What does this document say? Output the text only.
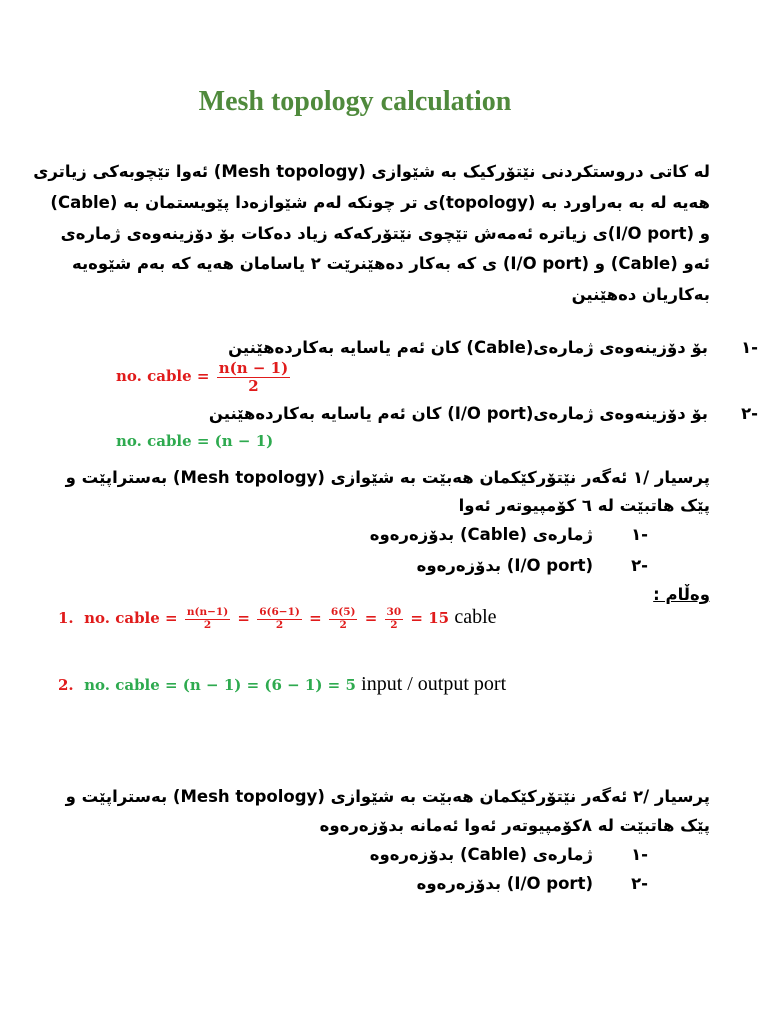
Mesh topology calculation
لە کاتی دروستکردنی نێتۆرکیک بە شێوازی (Mesh topology) ئەوا تێچوبەکی زیاتری
هەیە لە بە بەراورد بە (topology)ی تر چونکە لەم شێوازەدا پێویستمان بە (Cable)
و (I/O port)ی زیاتره ئەمەش تێچوی نێتۆرکەکە زیاد دەکات بۆ دۆزینەوەی ژمارەی
ئەو (Cable) و (I/O port) ی کە بەکار دەهێنرێت ٢ یاسامان هەیە کە بەم شێوەیە
بەکاریان دەهێنین
-١
بۆ دۆزینەوەی ژمارەی(Cable) کان ئەم یاسایە بەکاردەهێنین
no. cable = $\frac{n(n - 1)}{2}$
-٢
بۆ دۆزینەوەی ژمارەی(I/O port) کان ئەم یاسایە بەکاردەهێنین
no. cable = (n − 1)
پرسیار /١ ئەگەر نێتۆرکێکمان هەبێت بە شێوازی (Mesh topology) بەستراپێت و
پێک هاتبێت لە ٦ کۆمپیوتەر ئەوا
-١
ژمارەی (Cable) بدۆزەرەوە
-٢
(I/O port) بدۆزەرەوە
وەڵام :
1. no. cable = $\frac{n(n-1)}{2} = \frac{6(6-1)}{2} = \frac{6(5)}{2} = \frac{30}{2} = 15$ cable
2. no. cable = (n − 1) = (6 − 1) = 5 input / output port
پرسیار /٢ ئەگەر نێتۆرکێکمان هەبێت بە شێوازی (Mesh topology) بەستراپێت و
پێک هاتبێت لە ٨کۆمپیوتەر ئەوا ئەمانە بدۆزەرەوە
-١
ژمارەی (Cable) بدۆزەرەوە
-٢
(I/O port) بدۆزەرەوە
